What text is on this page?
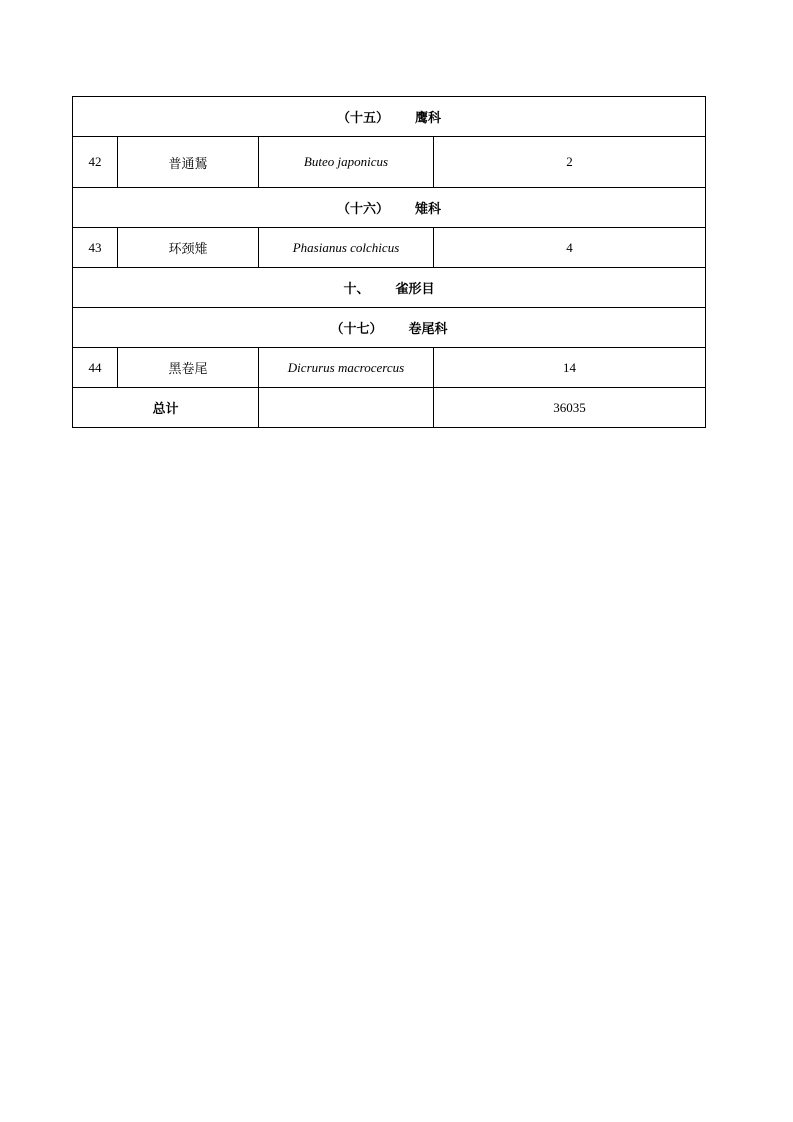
（十五） 鹰科			
42	普通鵟	Buteo japonicus	2
（十六） 雉科			
43	环颈雉	Phasianus colchicus	4
十、 雀形目			
（十七） 卷尾科			
44	黑卷尾	Dicrurus macrocercus	14
总计			36035
